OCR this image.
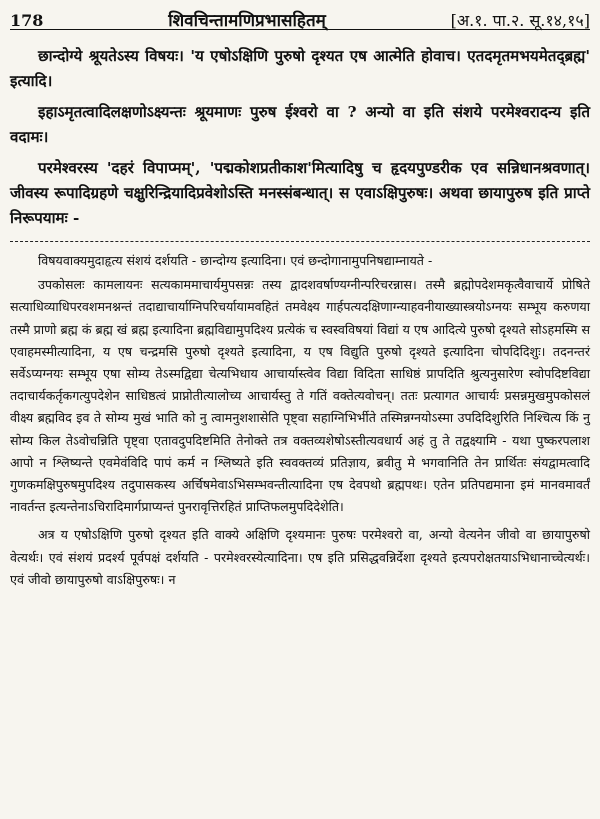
178	शिवचिन्तामणिप्रभासहितम्	[अ.१. पा.२. सू.१४,१५]

छान्दोग्ये श्रूयतेऽस्य विषयः। 'य एषोऽक्षिणि पुरुषो दृश्यत एष आत्मेति होवाच। एतदमृतमभयमेतद्ब्रह्म' इत्यादि।

इहाऽमृतत्वादिलक्षणोऽक्ष्यन्तः श्रूयमाणः पुरुष ईश्वरो वा ? अन्यो वा इति संशये परमेश्वरादन्य इति वदामः।

परमेश्वरस्य 'दहरं विपाप्मम्', 'पद्मकोशप्रतीकाश'मित्यादिषु च हृदयपुण्डरीक एव सन्निधानश्रवणात्। जीवस्य रूपादिग्रहणे चक्षुरिन्द्रियादिप्रवेशोऽस्ति मनस्संबन्धात्। स एवाऽक्षिपुरुषः। अथवा छायापुरुष इति प्राप्ते निरूपयामः -

विषयवाक्यमुदाहृत्य संशयं दर्शयति - छान्दोग्य इत्यादिना। एवं छन्दोगानामुपनिषद्याम्नायते -

उपकोसलः कामलायनः सत्यकाममाचार्यमुपसन्नः तस्य द्वादशवर्षाण्यग्नीन्परिचरन्नास। तस्मै ब्रह्मोपदेशमकृत्वैवाचार्ये प्रोषिते सत्याधिव्याधिपरवशमनश्नन्तं तदाद्याचार्याग्निपरिचर्यायामवहितं तमवेक्ष्य गार्हपत्यदक्षिणाग्न्याहवनीयाख्यास्त्रयोऽग्नयः सम्भूय करुणया तस्मै प्राणो ब्रह्म कं ब्रह्म खं ब्रह्म इत्यादिना ब्रह्मविद्यामुपदिश्य प्रत्येकं च स्वस्वविषयां विद्यां य एष आदित्ये पुरुषो दृश्यते सोऽहमस्मि स एवाहमस्मीत्यादिना, य एष चन्द्रमसि पुरुषो दृश्यते इत्यादिना, य एष विद्युति पुरुषो दृश्यते इत्यादिना चोपदिदिशुः। तदनन्तरं सर्वेऽप्यग्नयः सम्भूय एषा सोम्य तेऽस्मद्विद्या चेत्यभिधाय आचार्यास्त्वेव विद्या विदिता साधिष्ठं प्रापदिति श्रुत्यनुसारेण स्वोपदिष्टविद्या तदाचार्यकर्तृकगत्युपदेशेन साधिष्ठत्वं प्राप्नोतीत्यालोच्य आचार्यस्तु ते गतिं वक्तेत्यवोचन्। ततः प्रत्यागत आचार्यः प्रसन्नमुखमुपकोसलं वीक्ष्य ब्रह्मविद इव ते सोम्य मुखं भाति को नु त्वामनुशशासेति पृष्ट्वा सहाग्निभिर्भीते तस्मिन्नग्नयोऽस्मा उपदिदिशुरिति निश्चित्य किं नु सोम्य किल तेऽवोचन्निति पृष्ट्वा एतावदुपदिष्टमिति तेनोक्ते तत्र वक्तव्यशेषोऽस्तीत्यवधार्य अहं तु ते तद्वक्ष्यामि - यथा पुष्करपलाश आपो न श्लिष्यन्ते एवमेवंविदि पापं कर्म न श्लिष्यते इति स्ववक्तव्यं प्रतिज्ञाय, ब्रवीतु मे भगवानिति तेन प्रार्थितः संयद्वामत्वादि गुणकमक्षिपुरुषमुपदिश्य तदुपासकस्य अर्चिषमेवाऽभिसम्भवन्तीत्यादिना एष देवपथो ब्रह्मपथः। एतेन प्रतिपद्यमाना इमं मानवमावर्तं नावर्तन्त इत्यन्तेनाऽचिरादिमार्गप्राप्यन्तं पुनरावृत्तिरहितं प्राप्तिफलमुपदिदेशेति।

अत्र य एषोऽक्षिणि पुरुषो दृश्यत इति वाक्ये अक्षिणि दृश्यमानः पुरुषः परमेश्वरो वा, अन्यो वेत्यनेन जीवो वा छायापुरुषो वेत्यर्थः। एवं संशयं प्रदर्श्य पूर्वपक्षं दर्शयति - परमेश्वरस्येत्यादिना। एष इति प्रसिद्धवन्निर्देशा दृश्यते इत्यपरोक्षतयाऽभिधानाच्चेत्यर्थः। एवं जीवो छायापुरुषो वाऽक्षिपुरुषः। न
